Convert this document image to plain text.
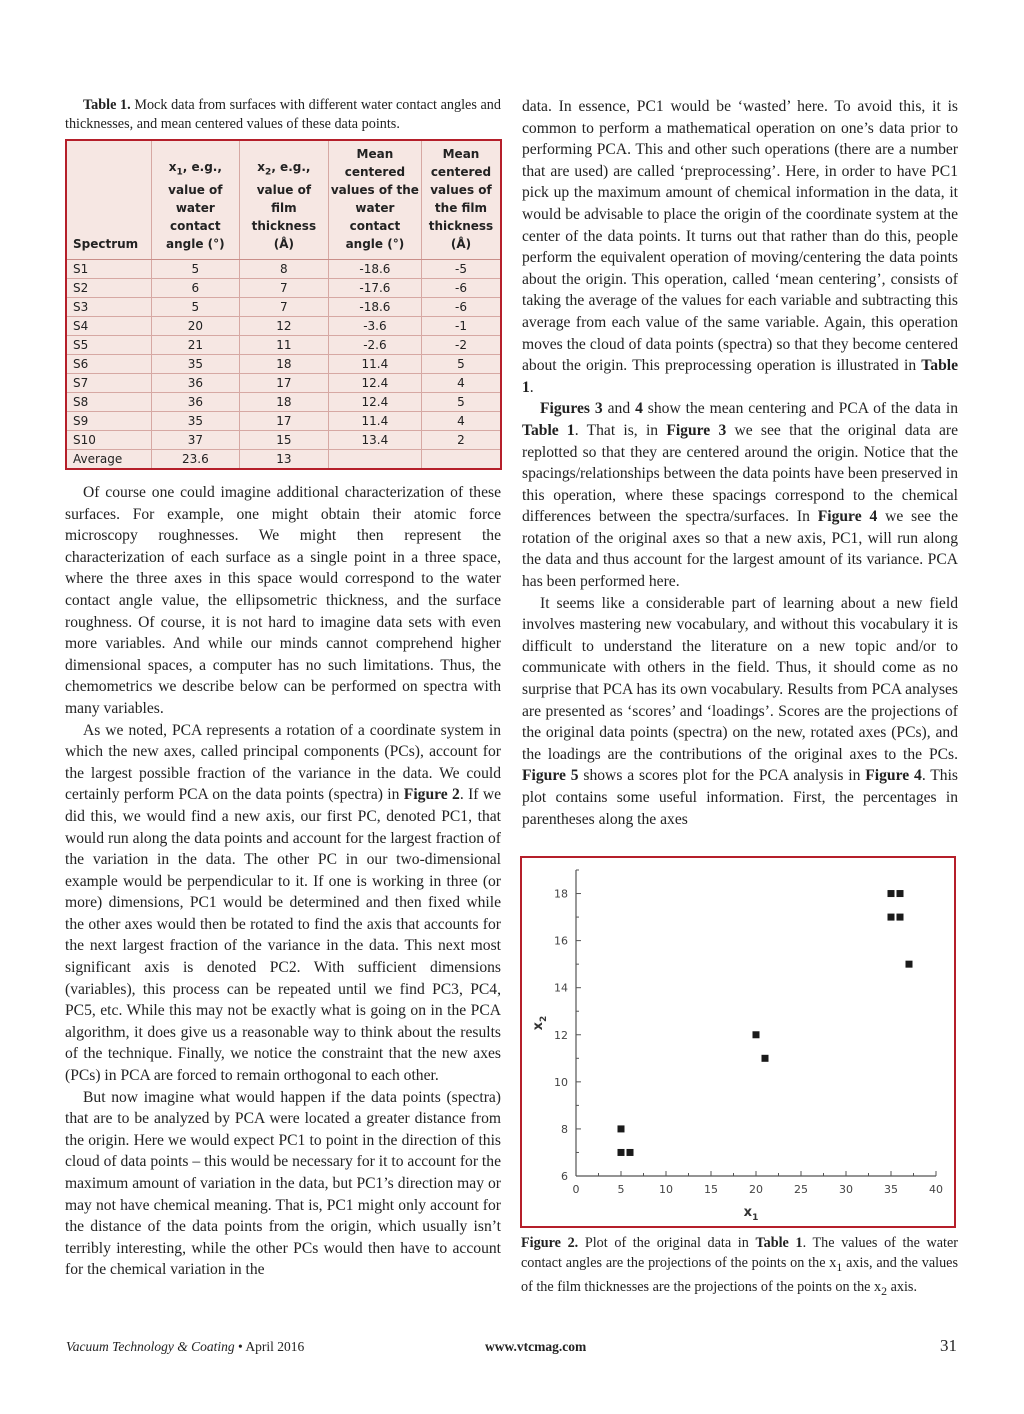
Table 1. Mock data from surfaces with different water contact angles and thicknesses, and mean centered values of these data points.

Spectrum	$x_1$, e.g., value of water contact angle (°)	$x_2$, e.g., value of film thickness (Å)	Mean centered values of the water contact angle (°)	Mean centered values of the film thickness (Å)
S1	5	8	-18.6	-5
S2	6	7	-17.6	-6
S3	5	7	-18.6	-6
S4	20	12	-3.6	-1
S5	21	11	-2.6	-2
S6	35	18	11.4	5
S7	36	17	12.4	4
S8	36	18	12.4	5
S9	35	17	11.4	4
S10	37	15	13.4	2
Average	23.6	13		

Of course one could imagine additional characterization of these surfaces. For example, one might obtain their atomic force microscopy roughnesses. We might then represent the characterization of each surface as a single point in a three space, where the three axes in this space would correspond to the water contact angle value, the ellipsometric thickness, and the surface roughness. Of course, it is not hard to imagine data sets with even more variables. And while our minds cannot comprehend higher dimensional spaces, a computer has no such limitations. Thus, the chemometrics we describe below can be performed on spectra with many variables.

As we noted, PCA represents a rotation of a coordinate system in which the new axes, called principal components (PCs), account for the largest possible fraction of the variance in the data. We could certainly perform PCA on the data points (spectra) in Figure 2. If we did this, we would find a new axis, our first PC, denoted PC1, that would run along the data points and account for the largest fraction of the variation in the data. The other PC in our two-dimensional example would be perpendicular to it. If one is working in three (or more) dimensions, PC1 would be determined and then fixed while the other axes would then be rotated to find the axis that accounts for the next largest fraction of the variance in the data. This next most significant axis is denoted PC2. With sufficient dimensions (variables), this process can be repeated until we find PC3, PC4, PC5, etc. While this may not be exactly what is going on in the PCA algorithm, it does give us a reasonable way to think about the results of the technique. Finally, we notice the constraint that the new axes (PCs) in PCA are forced to remain orthogonal to each other.

But now imagine what would happen if the data points (spectra) that are to be analyzed by PCA were located a greater distance from the origin. Here we would expect PC1 to point in the direction of this cloud of data points – this would be necessary for it to account for the maximum amount of variation in the data, but PC1’s direction may or may not have chemical meaning. That is, PC1 might only account for the distance of the data points from the origin, which usually isn’t terribly interesting, while the other PCs would then have to account for the chemical variation in the

data. In essence, PC1 would be ‘wasted’ here. To avoid this, it is common to perform a mathematical operation on one’s data prior to performing PCA. This and other such operations (there are a number that are used) are called ‘preprocessing’. Here, in order to have PC1 pick up the maximum amount of chemical information in the data, it would be advisable to place the origin of the coordinate system at the center of the data points. It turns out that rather than do this, people perform the equivalent operation of moving/centering the data points about the origin. This operation, called ‘mean centering’, consists of taking the average of the values for each variable and subtracting this average from each value of the same variable. Again, this operation moves the cloud of data points (spectra) so that they become centered about the origin. This preprocessing operation is illustrated in Table 1.

Figures 3 and 4 show the mean centering and PCA of the data in Table 1. That is, in Figure 3 we see that the original data are replotted so that they are centered around the origin. Notice that the spacings/relationships between the data points have been preserved in this operation, where these spacings correspond to the chemical differences between the spectra/surfaces. In Figure 4 we see the rotation of the original axes so that a new axis, PC1, will run along the data and thus account for the largest amount of its variance. PCA has been performed here.

It seems like a considerable part of learning about a new field involves mastering new vocabulary, and without this vocabulary it is difficult to understand the literature on a new topic and/or to communicate with others in the field. Thus, it should come as no surprise that PCA has its own vocabulary. Results from PCA analyses are presented as ‘scores’ and ‘loadings’. Scores are the projections of the original data points (spectra) on the new, rotated axes (PCs), and the loadings are the contributions of the original axes to the PCs. Figure 5 shows a scores plot for the PCA analysis in Figure 4. This plot contains some useful information. First, the percentages in parentheses along the axes

0	5	10	15	20	25	30	35	40
6
8
10
12
14
16
18
$x_1$
$x_2$
Figure 2. Plot of the original data in Table 1. The values of the water contact angles are the projections of the points on the $x_1$ axis, and the values of the film thicknesses are the projections of the points on the $x_2$ axis.
Vacuum Technology & Coating • April 2016	www.vtcmag.com	31
